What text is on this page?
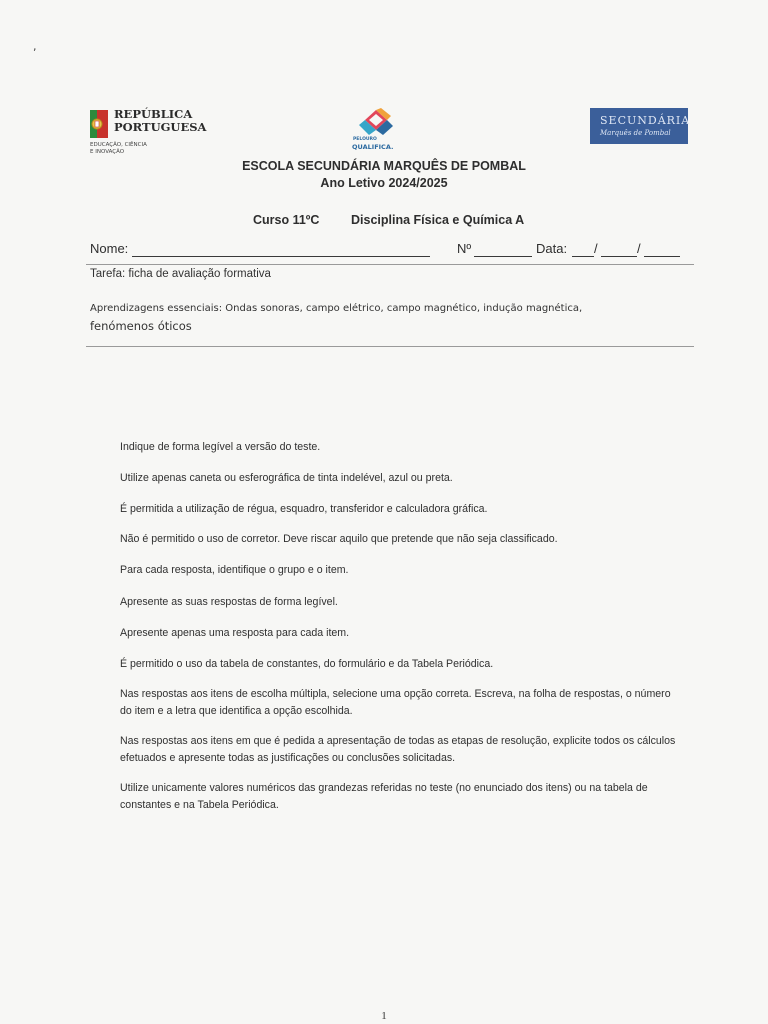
,
REPÚBLICA
PORTUGUESA
EDUCAÇÃO, CIÊNCIA
E INOVAÇÃO
PELOURO
QUALIFICA.
SECUNDÁRIA
Marquês de Pombal
ESCOLA SECUNDÁRIA MARQUÊS DE POMBAL
Ano Letivo 2024/2025
Curso 11ºC	Disciplina Física e Química A
Nome:	Nº	Data: /	/
Tarefa: ficha de avaliação formativa
Aprendizagens essenciais: Ondas sonoras, campo elétrico, campo magnético, indução magnética,
fenómenos óticos

Indique de forma legível a versão do teste.

Utilize apenas caneta ou esferográfica de tinta indelével, azul ou preta.

É permitida a utilização de régua, esquadro, transferidor e calculadora gráfica.

Não é permitido o uso de corretor. Deve riscar aquilo que pretende que não seja classificado.

Para cada resposta, identifique o grupo e o item.

Apresente as suas respostas de forma legível.

Apresente apenas uma resposta para cada item.

É permitido o uso da tabela de constantes, do formulário e da Tabela Periódica.

Nas respostas aos itens de escolha múltipla, selecione uma opção correta. Escreva, na folha de respostas, o número do item e a letra que identifica a opção escolhida.

Nas respostas aos itens em que é pedida a apresentação de todas as etapas de resolução, explicite todos os cálculos efetuados e apresente todas as justificações ou conclusões solicitadas.

Utilize unicamente valores numéricos das grandezas referidas no teste (no enunciado dos itens) ou na tabela de constantes e na Tabela Periódica.

1
